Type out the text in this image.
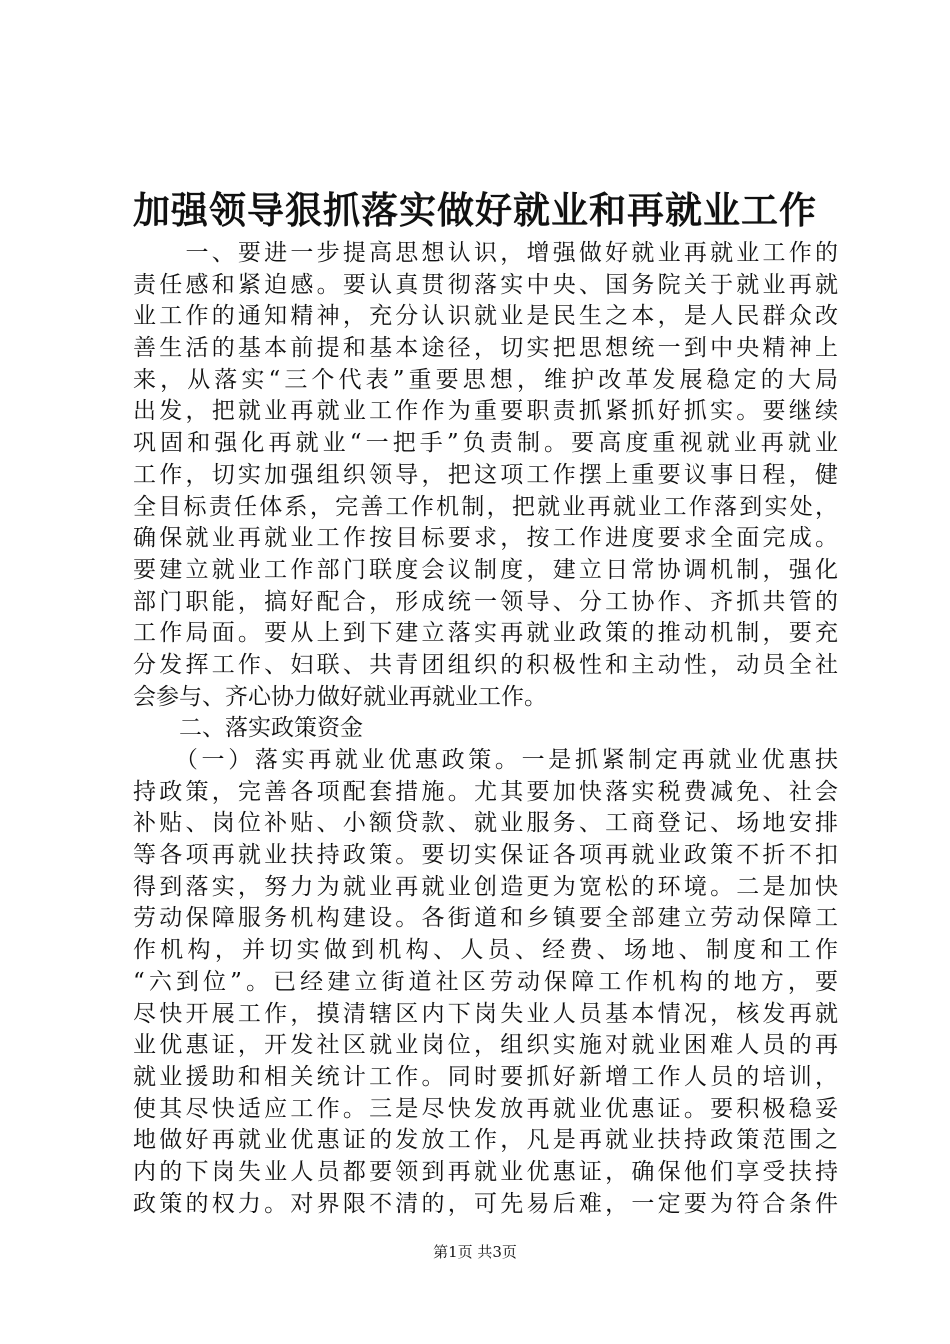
加强领导狠抓落实做好就业和再就业工作
　　一、要进一步提高思想认识，增强做好就业再就业工作的
责任感和紧迫感。要认真贯彻落实中央、国务院关于就业再就
业工作的通知精神，充分认识就业是民生之本，是人民群众改
善生活的基本前提和基本途径，切实把思想统一到中央精神上
来，从落实“三个代表”重要思想，维护改革发展稳定的大局
出发，把就业再就业工作作为重要职责抓紧抓好抓实。要继续
巩固和强化再就业“一把手”负责制。要高度重视就业再就业
工作，切实加强组织领导，把这项工作摆上重要议事日程，健
全目标责任体系，完善工作机制，把就业再就业工作落到实处，
确保就业再就业工作按目标要求，按工作进度要求全面完成。
要建立就业工作部门联度会议制度，建立日常协调机制，强化
部门职能，搞好配合，形成统一领导、分工协作、齐抓共管的
工作局面。要从上到下建立落实再就业政策的推动机制，要充
分发挥工作、妇联、共青团组织的积极性和主动性，动员全社
会参与、齐心协力做好就业再就业工作。
二、落实政策资金
　　（一）落实再就业优惠政策。一是抓紧制定再就业优惠扶
持政策，完善各项配套措施。尤其要加快落实税费减免、社会
补贴、岗位补贴、小额贷款、就业服务、工商登记、场地安排
等各项再就业扶持政策。要切实保证各项再就业政策不折不扣
得到落实，努力为就业再就业创造更为宽松的环境。二是加快
劳动保障服务机构建设。各街道和乡镇要全部建立劳动保障工
作机构，并切实做到机构、人员、经费、场地、制度和工作
“六到位”。已经建立街道社区劳动保障工作机构的地方，要
尽快开展工作，摸清辖区内下岗失业人员基本情况，核发再就
业优惠证，开发社区就业岗位，组织实施对就业困难人员的再
就业援助和相关统计工作。同时要抓好新增工作人员的培训，
使其尽快适应工作。三是尽快发放再就业优惠证。要积极稳妥
地做好再就业优惠证的发放工作，凡是再就业扶持政策范围之
内的下岗失业人员都要领到再就业优惠证，确保他们享受扶持
政策的权力。对界限不清的，可先易后难，一定要为符合条件
第1页 共3页
